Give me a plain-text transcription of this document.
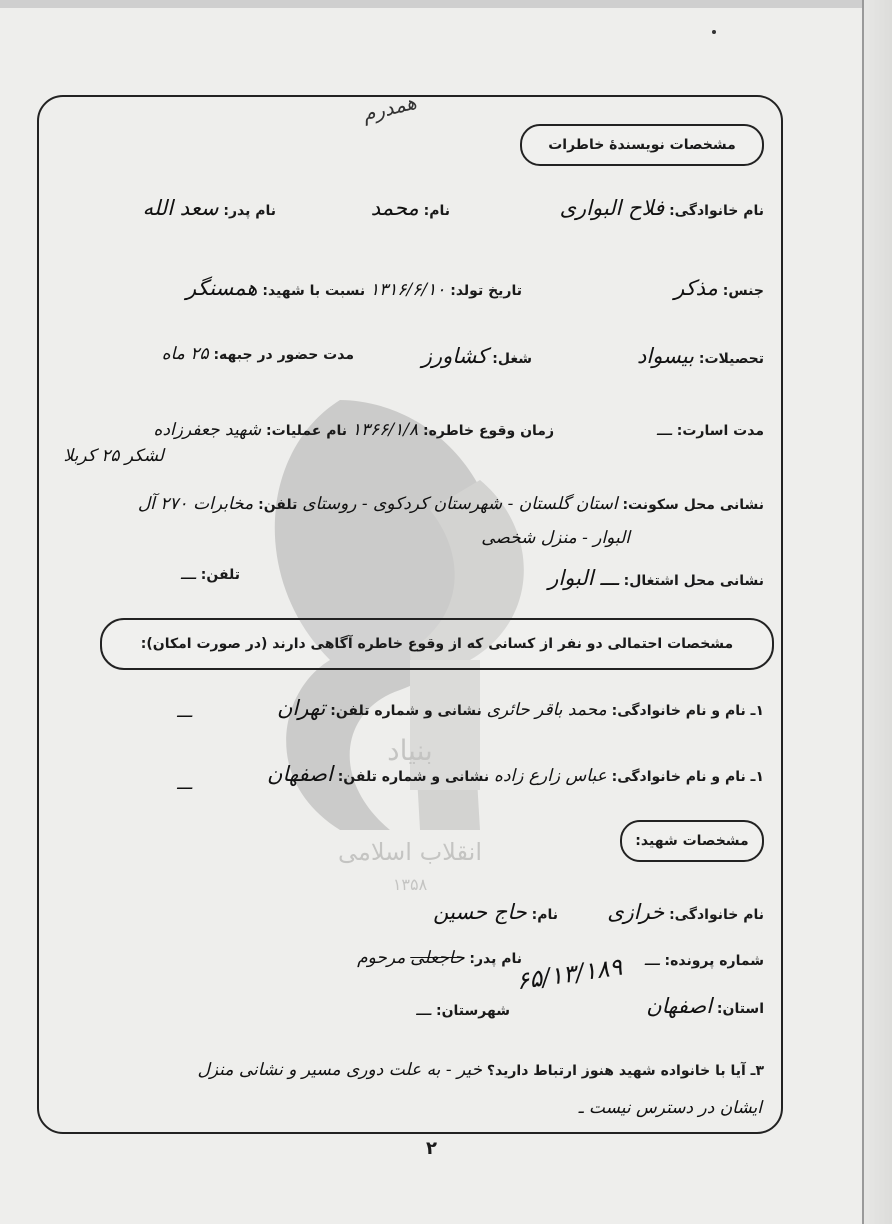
بنیاد
انقلاب اسلامی
۱۳۵۸
همدرم
مشخصات نویسندهٔ خاطرات
نام خانوادگی: فلاح البوارى
نام: محمد
نام پدر: سعد الله
جنس: مذکر
تاریخ تولد: ۱۳۱۶/۶/۱۰ نسبت با شهید: همسنگر
تحصیلات: بیسواد
شغل: کشاورز
مدت حضور در جبهه: ۲۵ ماه
مدت اسارت: ـــ
زمان وقوع خاطره: ۱۳۶۶/۱/۸ نام عملیات: شهید جعفرزاده
لشکر ۲۵ کربلا
نشانی محل سکونت: استان گلستان - شهرستان کردکوی - روستای تلفن: مخابرات ۲۷۰ آل
البوار - منزل شخصی
نشانی محل اشتغال: ـــ البوار
تلفن: ـــ
مشخصات احتمالی دو نفر از کسانی که از وقوع خاطره آگاهی دارند (در صورت امکان):
۱ـ نام و نام خانوادگی: محمد باقر حائری نشانی و شماره تلفن: تهران
ـــ
۱ـ نام و نام خانوادگی: عباس زارع زاده نشانی و شماره تلفن: اصفهان
ـــ
مشخصات شهید:
نام خانوادگی: خرازی
نام: حاج حسین
شماره پرونده: ـــ
نام پدر: حاجعلی مرحوم	۶۵/۱۳/۱۸۹
استان: اصفهان
شهرستان: ـــ
۳ـ آیا با خانواده شهید هنوز ارتباط دارید؟ خیر - به علت دوری مسیر و نشانی منزل
ایشان در دسترس نیست ـ
۲
